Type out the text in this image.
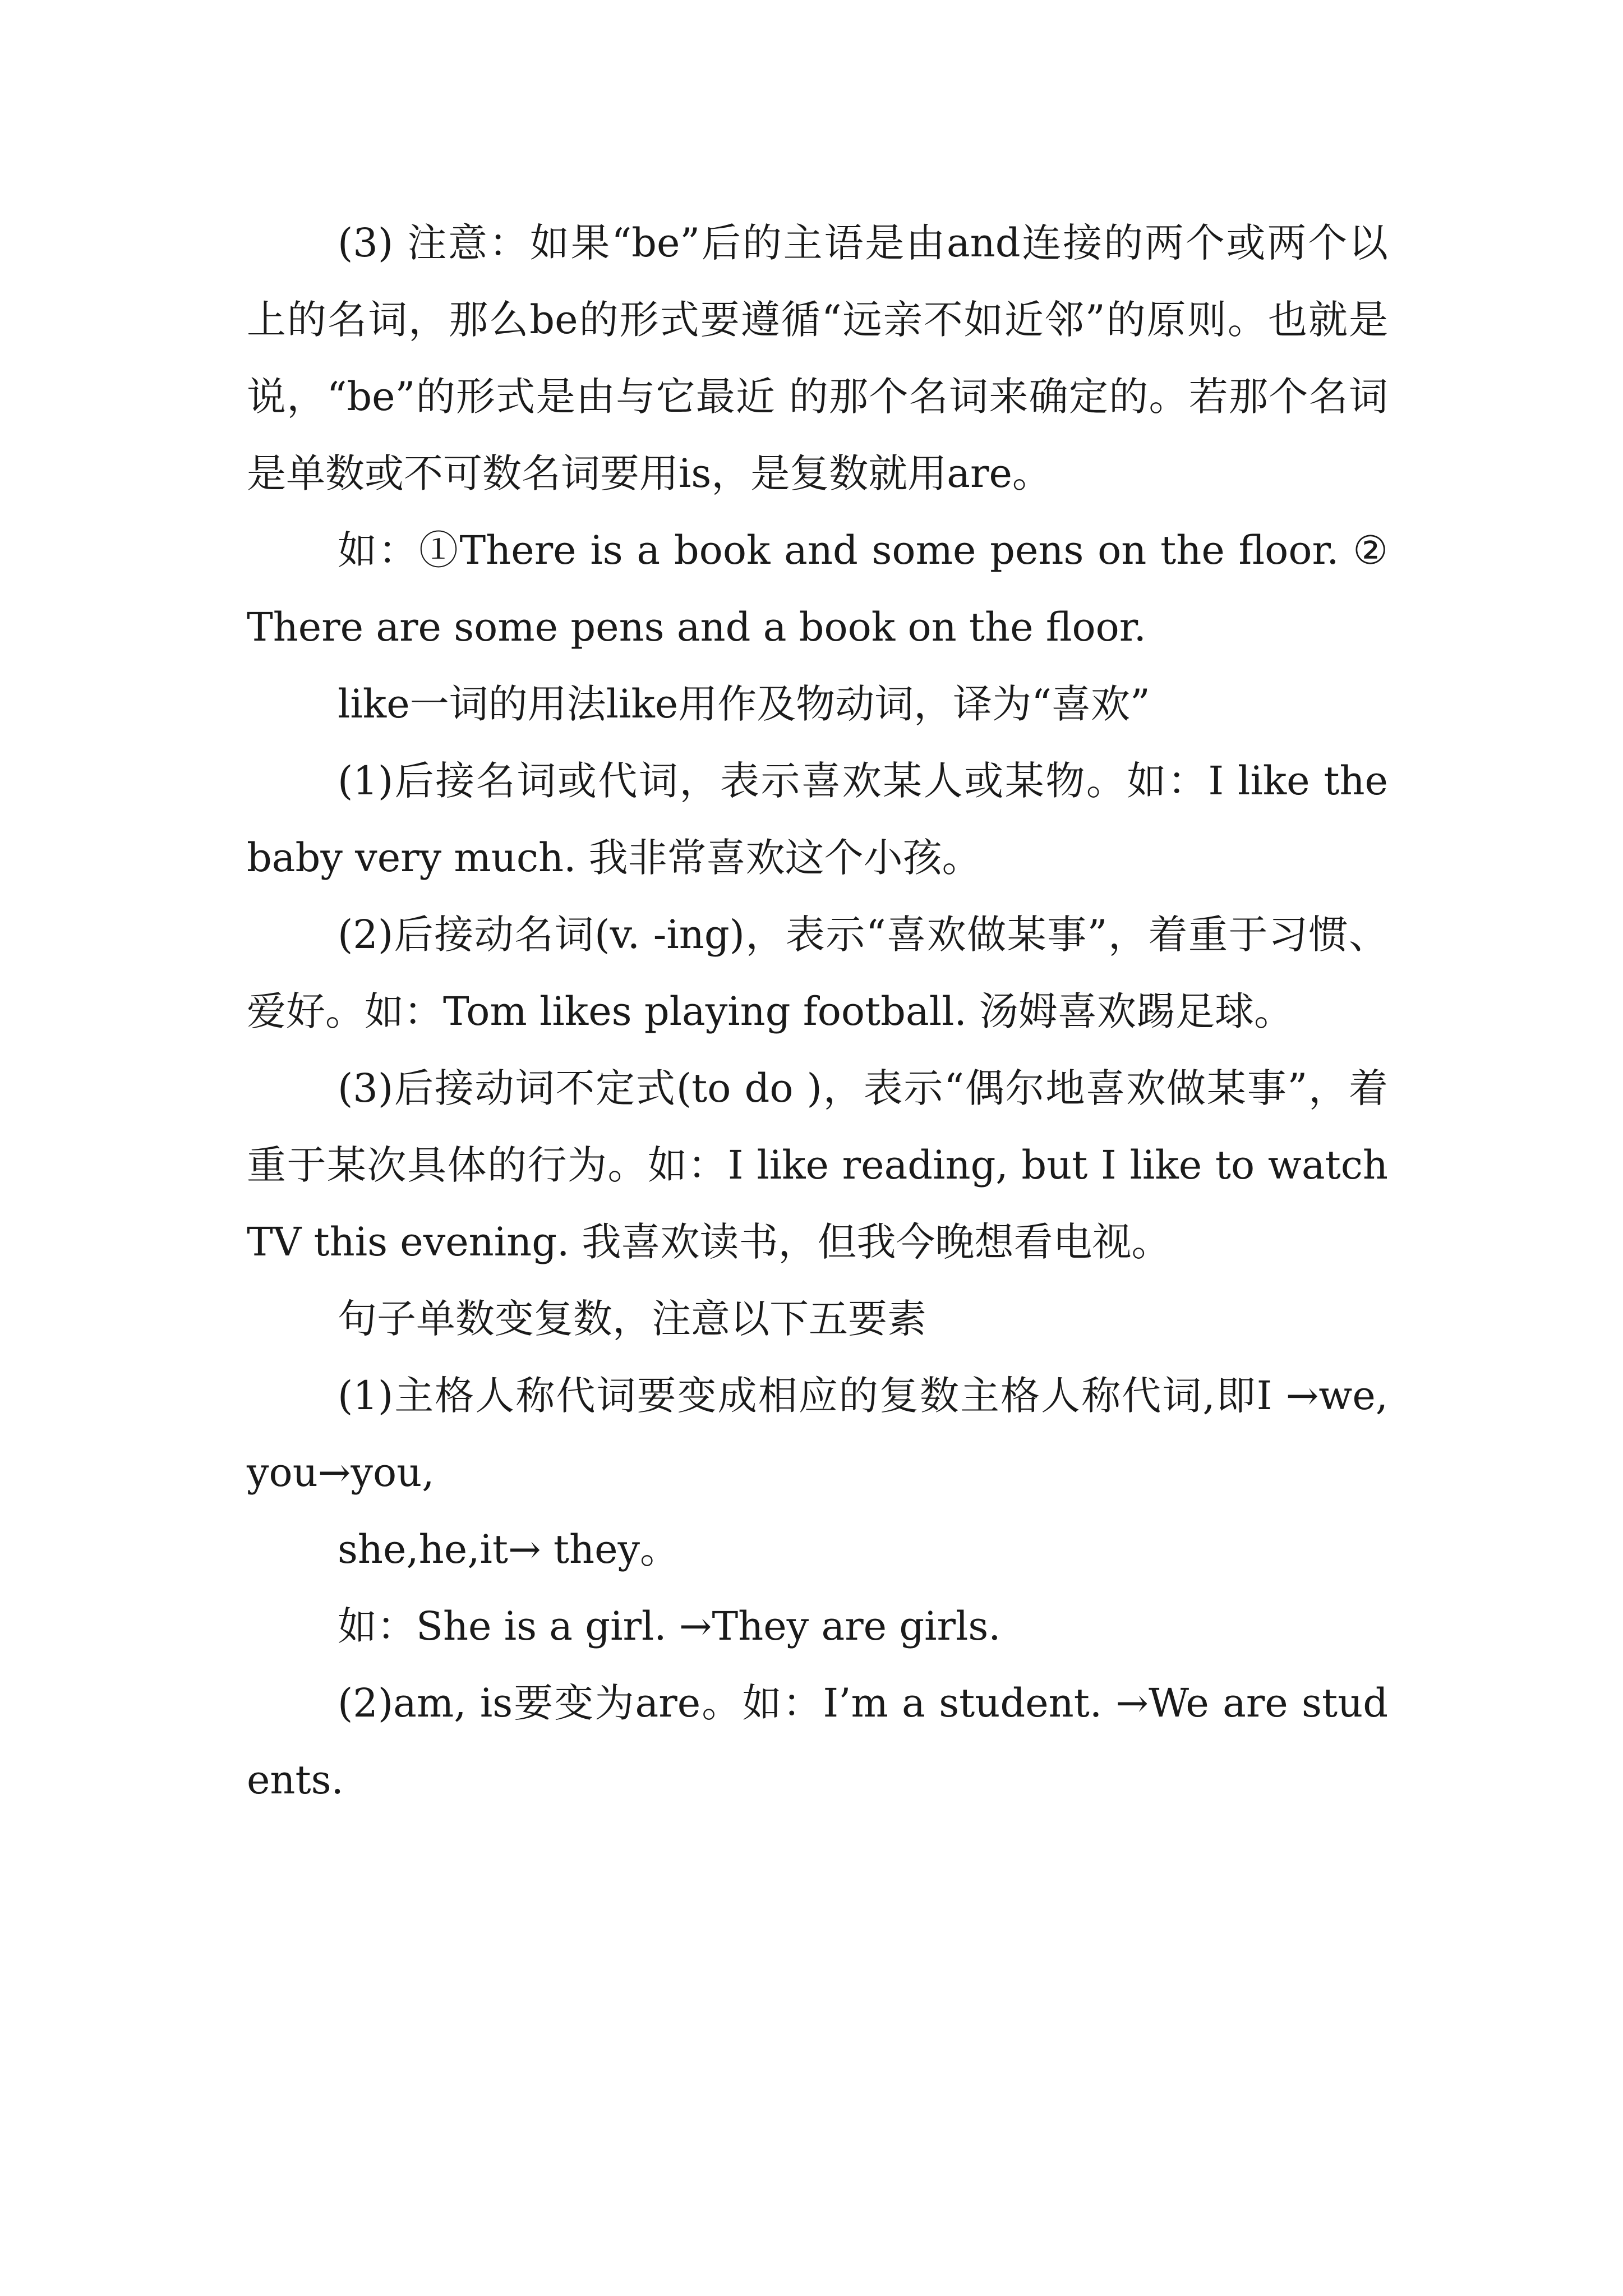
(3) 注意：如果“be”后的主语是由and连接的两个或两个以上的名词，那么be的形式要遵循“远亲不如近邻”的原则。也就是说，“be”的形式是由与它最近 的那个名词来确定的。若那个名词是单数或不可数名词要用is，是复数就用are。

如：①There is a book and some pens on the floor. ②There are some pens and a book on the floor.

like一词的用法like用作及物动词，译为“喜欢”

(1)后接名词或代词，表示喜欢某人或某物。如：I like the baby very much. 我非常喜欢这个小孩。

(2)后接动名词(v. -ing)，表示“喜欢做某事”，着重于习惯、爱好。如：Tom likes playing football. 汤姆喜欢踢足球。

(3)后接动词不定式(to do )，表示“偶尔地喜欢做某事”，着重于某次具体的行为。如：I like reading, but I like to watch TV this evening. 我喜欢读书，但我今晚想看电视。

句子单数变复数，注意以下五要素

(1)主格人称代词要变成相应的复数主格人称代词,即I →we, you→you,

she,he,it→ they。

如：She is a girl. →They are girls.

(2)am, is要变为are。如：I’m a student. →We are students.
